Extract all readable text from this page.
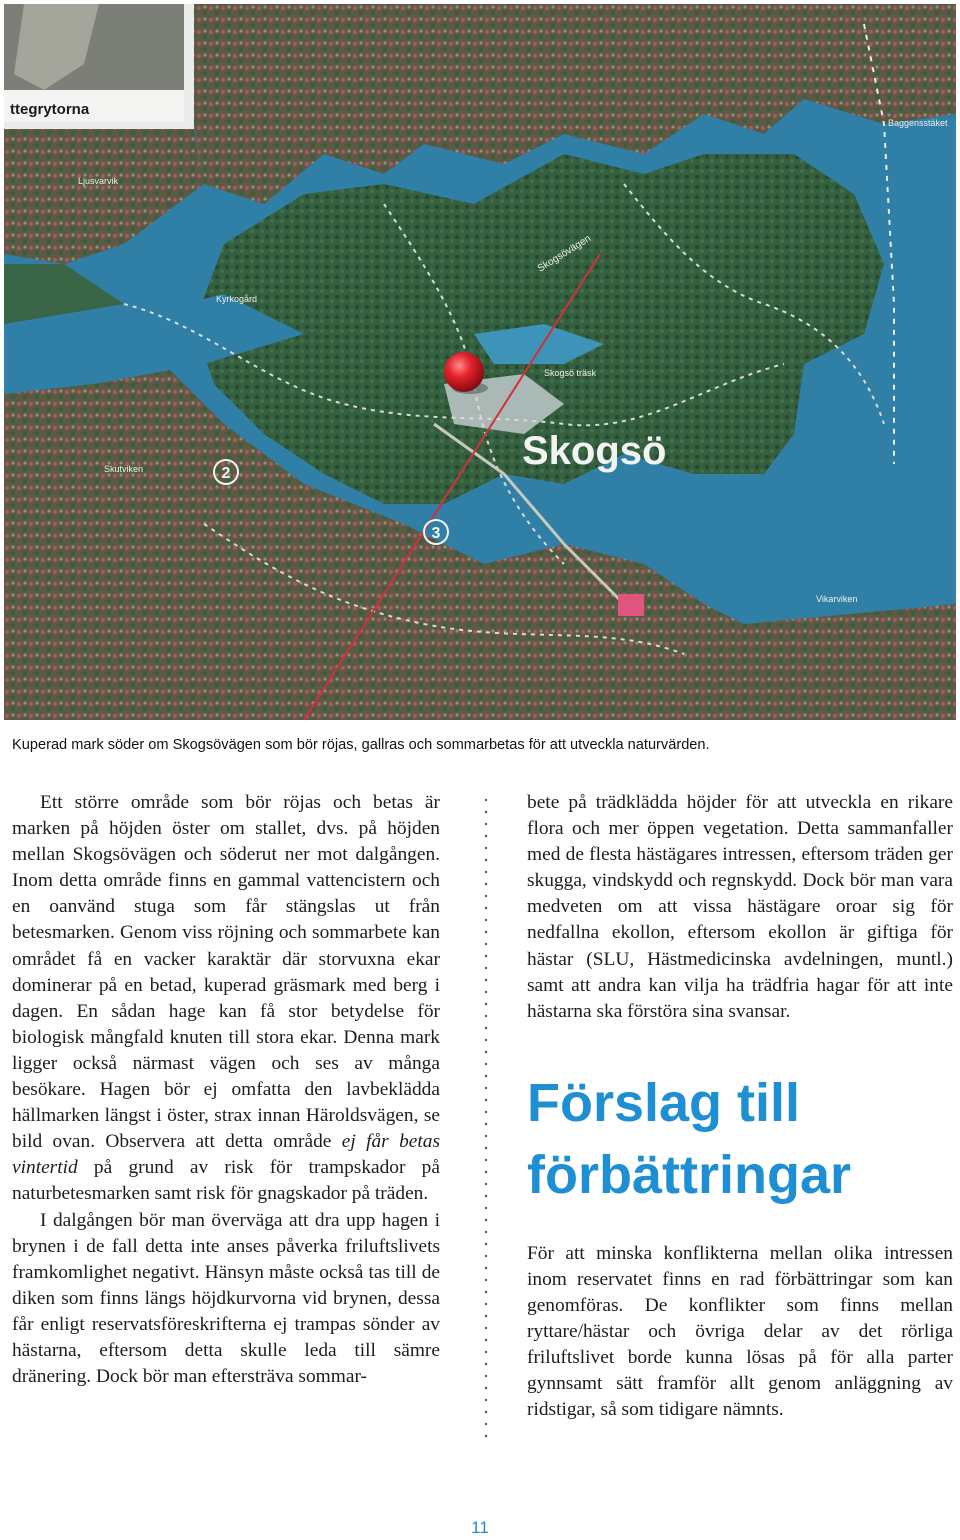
ttegrytorna
2
3
Skogsö
Ljusvarvik
Kyrkogård
Skogsö träsk
Skutviken
Baggensstäket
Vikarviken
Skogsövägen
Kuperad mark söder om Skogsövägen som bör röjas, gallras och sommarbetas för att utveckla naturvärden.

Ett större område som bör röjas och betas är marken på höjden öster om stallet, dvs. på höjden mellan Skogsövägen och söderut ner mot dalgången. Inom detta område finns en gammal vattencistern och en oanvänd stuga som får stängslas ut från betesmarken. Genom viss röjning och sommarbete kan området få en vacker karaktär där storvuxna ekar dominerar på en betad, kuperad gräsmark med berg i dagen. En sådan hage kan få stor betydelse för biologisk mångfald knuten till stora ekar. Denna mark ligger också närmast vägen och ses av många besökare. Hagen bör ej omfatta den lavbeklädda hällmarken längst i öster, strax innan Häroldsvägen, se bild ovan. Observera att detta område ej får betas vintertid på grund av risk för trampskador på naturbetesmarken samt risk för gnagskador på träden.

I dalgången bör man överväga att dra upp hagen i brynen i de fall detta inte anses påverka friluftslivets framkomlighet negativt. Hänsyn måste också tas till de diken som finns längs höjdkurvorna vid brynen, dessa får enligt reservatsföreskrifterna ej trampas sönder av hästarna, eftersom detta skulle leda till sämre dränering. Dock bör man eftersträva sommar-

bete på trädklädda höjder för att utveckla en rikare flora och mer öppen vegetation. Detta sammanfaller med de flesta hästägares intressen, eftersom träden ger skugga, vindskydd och regnskydd. Dock bör man vara medveten om att vissa hästägare oroar sig för nedfallna ekollon, eftersom ekollon är giftiga för hästar (SLU, Hästmedicinska avdelningen, muntl.) samt att andra kan vilja ha trädfria hagar för att inte hästarna ska förstöra sina svansar.

Förslag till förbättringar

För att minska konflikterna mellan olika intressen inom reservatet finns en rad förbättringar som kan genomföras. De konflikter som finns mellan ryttare/hästar och övriga delar av det rörliga friluftslivet borde kunna lösas på för alla parter gynnsamt sätt framför allt genom anläggning av ridstigar, så som tidigare nämnts.

11
